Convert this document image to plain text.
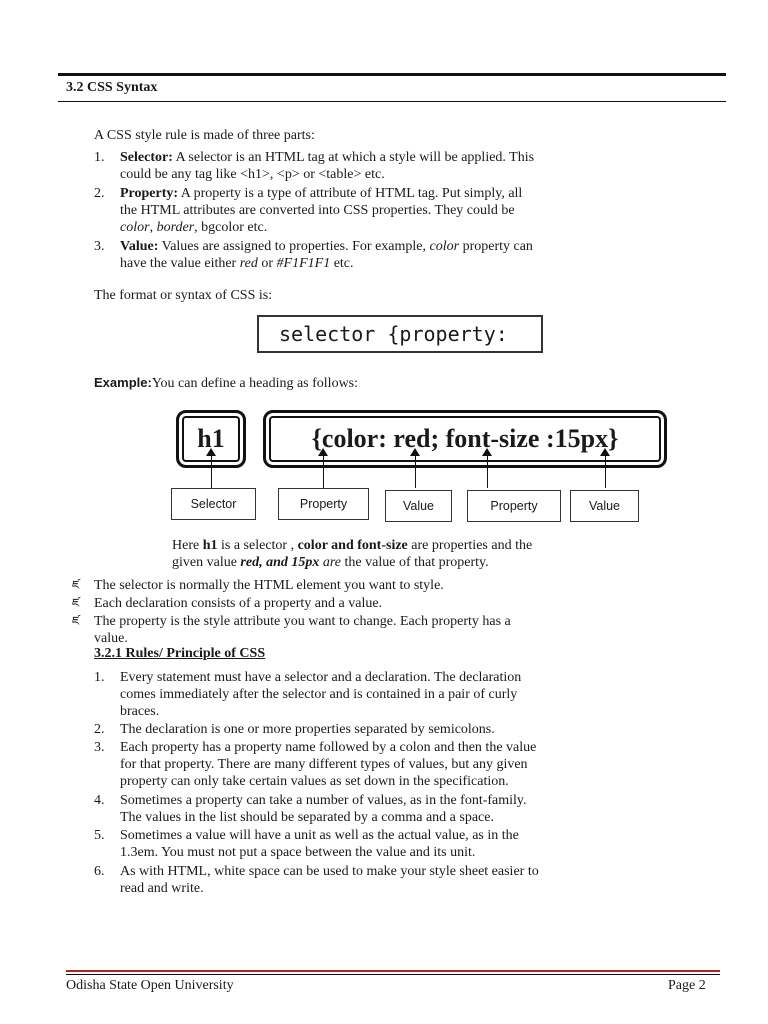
3.2 CSS Syntax
A CSS style rule is made of three parts:
1. Selector: A selector is an HTML tag at which a style will be applied. This
could be any tag like <h1>, <p> or <table> etc.
2. Property: A property is a type of attribute of HTML tag. Put simply, all
the HTML attributes are converted into CSS properties. They could be
color, border, bgcolor etc.
3. Value: Values are assigned to properties. For example, color property can
have the value either red or #F1F1F1 etc.
The format or syntax of CSS is:
selector {property:
Example:You can define a heading as follows:
h1	{color: red; font-size :15px}
Selector	Property	Value	Property	Value
Here h1 is a selector , color and font-size are properties and the
given value red, and 15px are the value of that property.
ཛ The selector is normally the HTML element you want to style.
ཛ Each declaration consists of a property and a value.
ཛ The property is the style attribute you want to change. Each property has a
value.
3.2.1 Rules/ Principle of CSS
1. Every statement must have a selector and a declaration. The declaration
comes immediately after the selector and is contained in a pair of curly
braces.
2. The declaration is one or more properties separated by semicolons.
3. Each property has a property name followed by a colon and then the value
for that property. There are many different types of values, but any given
property can only take certain values as set down in the specification.
4. Sometimes a property can take a number of values, as in the font-family.
The values in the list should be separated by a comma and a space.
5. Sometimes a value will have a unit as well as the actual value, as in the
1.3em. You must not put a space between the value and its unit.
6. As with HTML, white space can be used to make your style sheet easier to
read and write.
Odisha State Open University	Page 2
